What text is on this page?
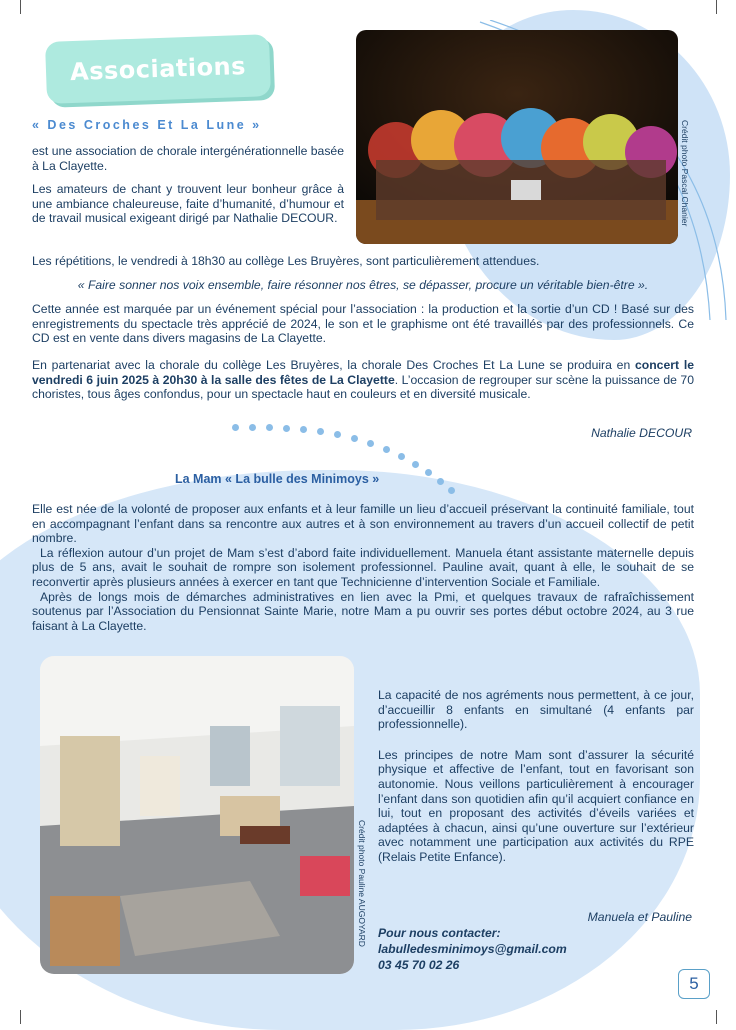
Associations
« Des Croches Et La Lune »

est une association de chorale intergénérationnelle basée à La Clayette.

Les amateurs de chant y trouvent leur bonheur grâce à une ambiance chaleureuse, faite d’humanité, d’humour et de travail musical exigeant dirigé par Nathalie DECOUR.	Crédit photo Pascal Chanier

Les répétitions, le vendredi à 18h30 au collège Les Bruyères, sont particulièrement attendues.

« Faire sonner nos voix ensemble, faire résonner nos êtres, se dépasser, procure un véritable bien-être ».

Cette année est marquée par un événement spécial pour l’association : la production et la sortie d’un CD ! Basé sur des enregistrements du spectacle très apprécié de 2024, le son et le graphisme ont été travaillés par des professionnels. Ce CD est en vente dans divers magasins de La Clayette.

En partenariat avec la chorale du collège Les Bruyères, la chorale Des Croches Et La Lune se produira en concert le vendredi 6 juin 2025 à 20h30 à la salle des fêtes de La Clayette. L’occasion de regrouper sur scène la puissance de 70 choristes, tous âges confondus, pour un spectacle haut en couleurs et en diversité musicale.

Nathalie DECOUR
La Mam « La bulle des Minimoys »

Elle est née de la volonté de proposer aux enfants et à leur famille un lieu d’accueil préservant la continuité familiale, tout en accompagnant l’enfant dans sa rencontre aux autres et à son environnement au travers d’un accueil collectif de petit nombre.

La réflexion autour d’un projet de Mam s’est d’abord faite individuellement. Manuela étant assistante maternelle depuis plus de 5 ans, avait le souhait de rompre son isolement professionnel. Pauline avait, quant à elle, le souhait de se reconvertir après plusieurs années à exercer en tant que Technicienne d’intervention Sociale et Familiale.

Après de longs mois de démarches administratives en lien avec la Pmi, et quelques travaux de rafraîchissement soutenus par l’Association du Pensionnat Sainte Marie, notre Mam a pu ouvrir ses portes début octobre 2024, au 3 rue faisant à La Clayette.

Crédit photo Pauline AUGOYARD

La capacité de nos agréments nous permettent, à ce jour, d’accueillir 8 enfants en simultané (4 enfants par professionnelle).

Les principes de notre Mam sont d’assurer la sécurité physique et affective de l’enfant, tout en favorisant son autonomie. Nous veillons particulièrement à encourager l’enfant dans son quotidien afin qu’il acquiert confiance en lui, tout en proposant des activités d’éveils variées et adaptées à chacun, ainsi qu’une ouverture sur l’extérieur avec notamment une participation aux activités du RPE (Relais Petite Enfance).

Manuela et Pauline
Pour nous contacter:
labulledesminimoys@gmail.com
03 45 70 02 26
5
